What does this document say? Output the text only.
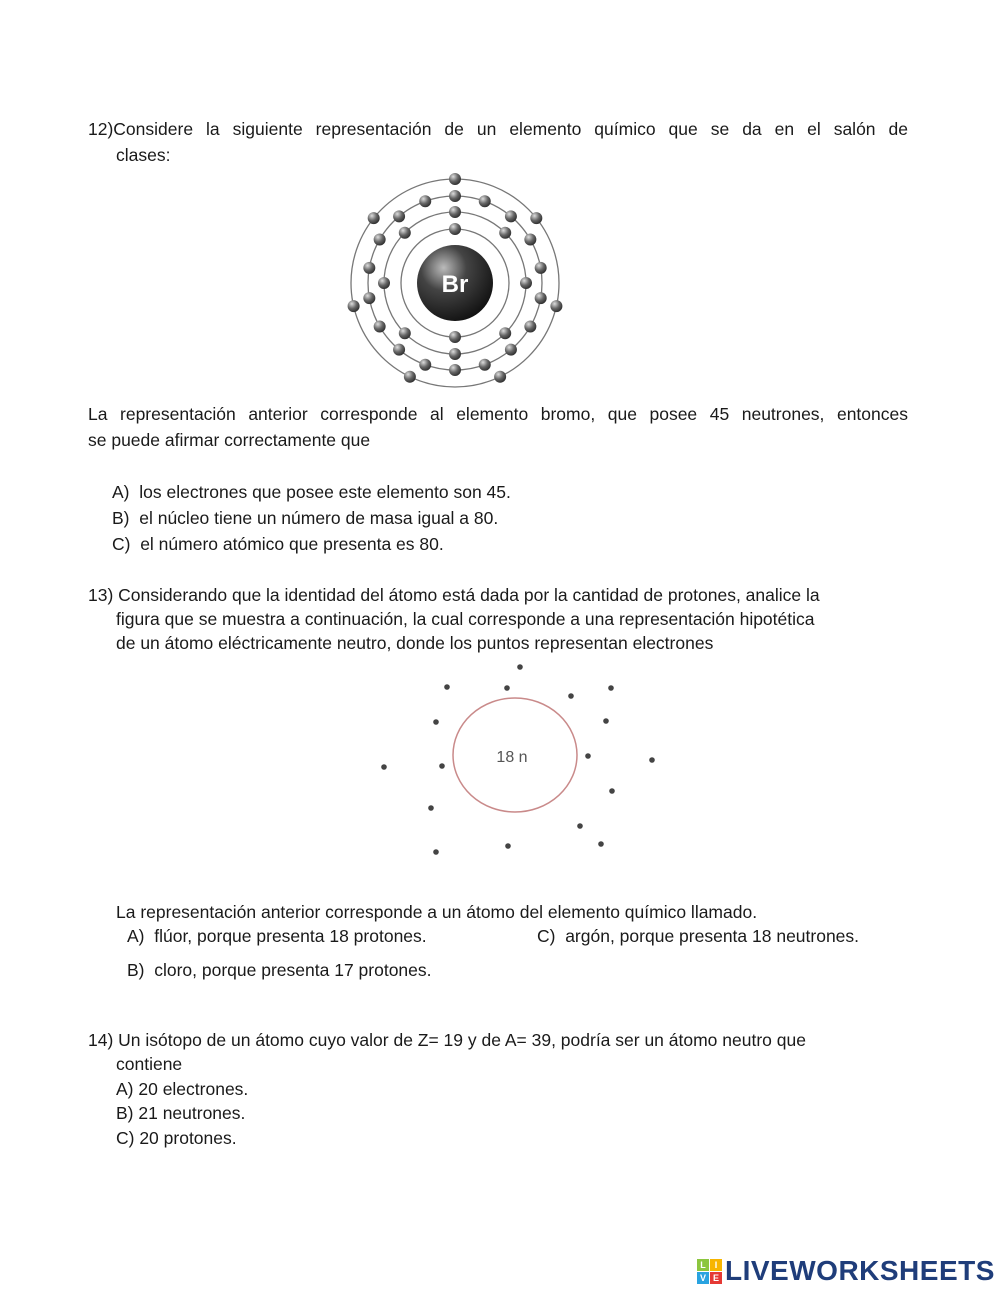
12)Considere la siguiente representación de un elemento químico que se da en el salón de
clases:
Br
La representación anterior corresponde al elemento bromo, que posee 45 neutrones, entonces
se puede afirmar correctamente que
A) los electrones que posee este elemento son 45.
B) el núcleo tiene un número de masa igual a 80.
C) el número atómico que presenta es 80.
13) Considerando que la identidad del átomo está dada por la cantidad de protones, analice la
figura que se muestra a continuación, la cual corresponde a una representación hipotética
de un átomo eléctricamente neutro, donde los puntos representan electrones
18 n
La representación anterior corresponde a un átomo del elemento químico llamado.
A) flúor, porque presenta 18 protones.	C) argón, porque presenta 18 neutrones.
B) cloro, porque presenta 17 protones.
14) Un isótopo de un átomo cuyo valor de Z= 19 y de A= 39, podría ser un átomo neutro que
contiene
A) 20 electrones.
B) 21 neutrones.
C) 20 protones.
L I
V E LIVEWORKSHEETS
